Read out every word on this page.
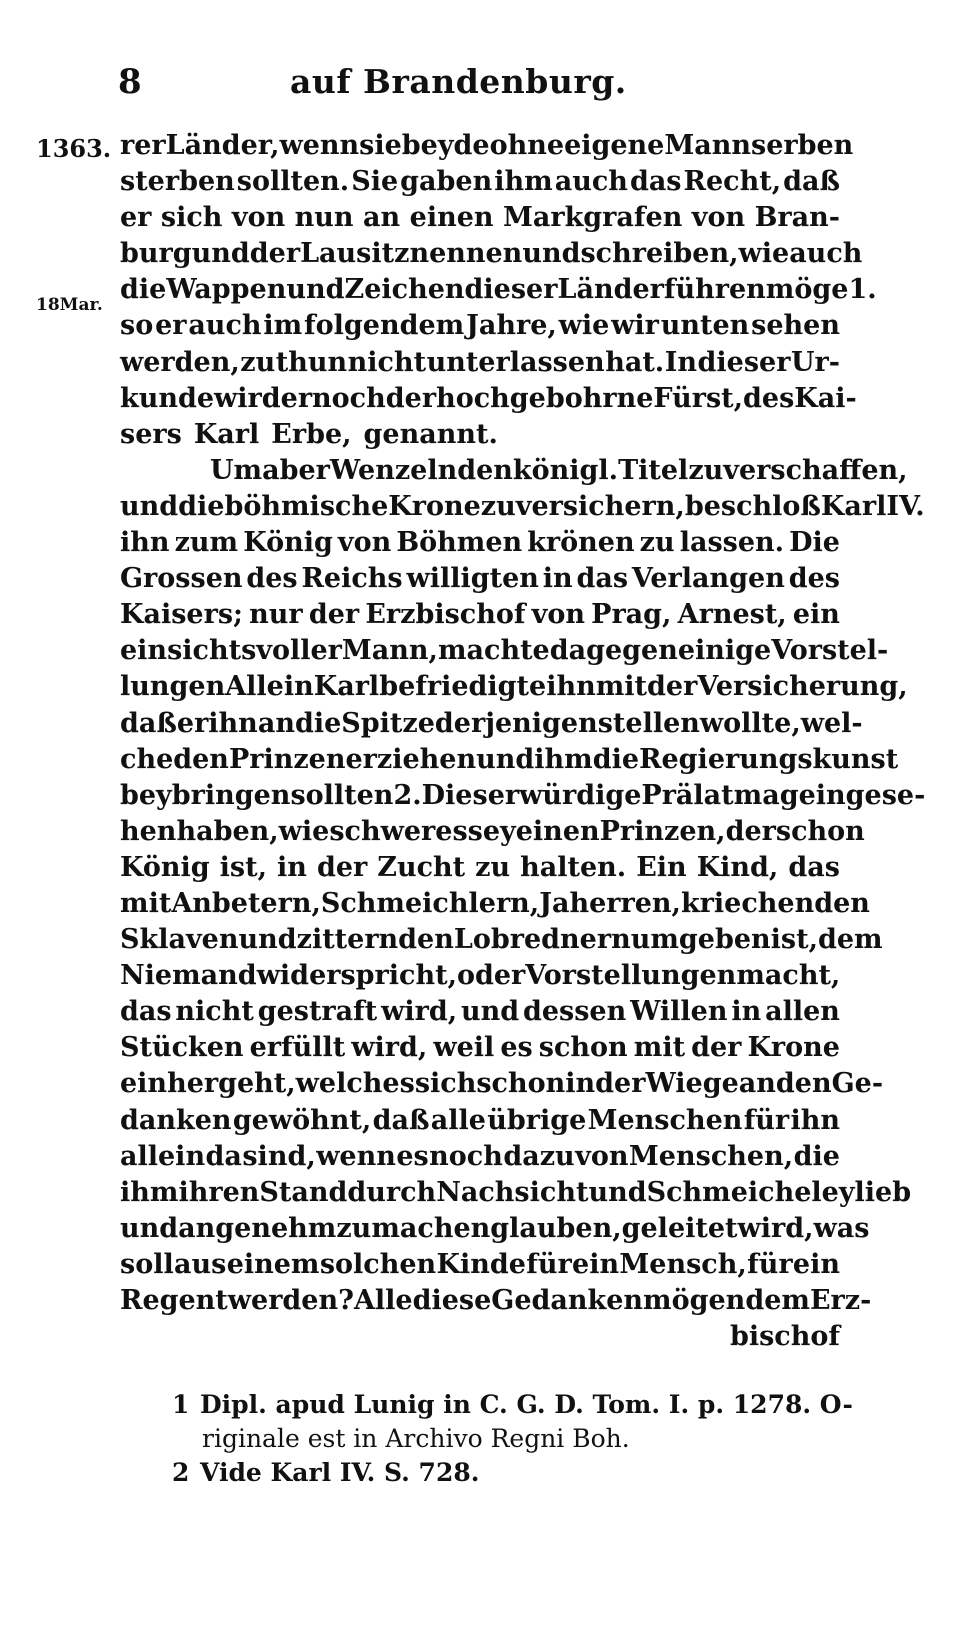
8	auf Brandenburg.
1363.
18Mar.
rer Länder, wenn sie beyde ohne eigene Mannserben
sterben sollten. Sie gaben ihm auch das Recht, daß
er sich von nun an einen Markgrafen von Bran-
burg und der Lausitz nennen und schreiben, wie auch
die Wappen und Zeichen dieser Länder führen möge 1.
so er auch im folgendem Jahre, wie wir unten sehen
werden, zu thun nicht unterlassen hat. In dieser Ur-
kunde wird er noch der hochgebohrne Fürst, des Kai-
sers Karl Erbe, genannt.
Um aber Wenzeln den königl. Titel zu verschaffen,
und die böhmische Krone zu versichern, beschloß Karl IV.
ihn zum König von Böhmen krönen zu lassen. Die
Grossen des Reichs willigten in das Verlangen des
Kaisers; nur der Erzbischof von Prag, Arnest, ein
einsichtsvoller Mann, machte dagegen einige Vorstel-
lungen Allein Karl befriedigte ihn mit der Versicherung,
daß er ihn an die Spitze derjenigen stellen wollte, wel-
che den Prinzen erziehen und ihm die Regierungskunst
beybringen sollten 2. Dieser würdige Prälat mag eingese-
hen haben, wie schwer es sey einen Prinzen, der schon
König ist, in der Zucht zu halten. Ein Kind, das
mit Anbetern, Schmeichlern, Jaherren, kriechenden
Sklaven und zitternden Lobrednern umgeben ist, dem
Niemand widerspricht, oder Vorstellungen macht,
das nicht gestraft wird, und dessen Willen in allen
Stücken erfüllt wird, weil es schon mit der Krone
einhergeht, welches sich schon in der Wiege an den Ge-
danken gewöhnt, daß alle übrige Menschen für ihn
allein da sind, wenn es noch dazu von Menschen, die
ihm ihren Stand durch Nachsicht und Schmeicheley lieb
und angenehm zu machen glauben, geleitet wird, was
soll aus einem solchen Kinde für ein Mensch, für ein
Regent werden? Alle diese Gedanken mögen dem Erz-
bischof
1 Dipl. apud Lunig in C. G. D. Tom. I. p. 1278. O-
riginale est in Archivo Regni Boh.
2 Vide Karl IV. S. 728.
